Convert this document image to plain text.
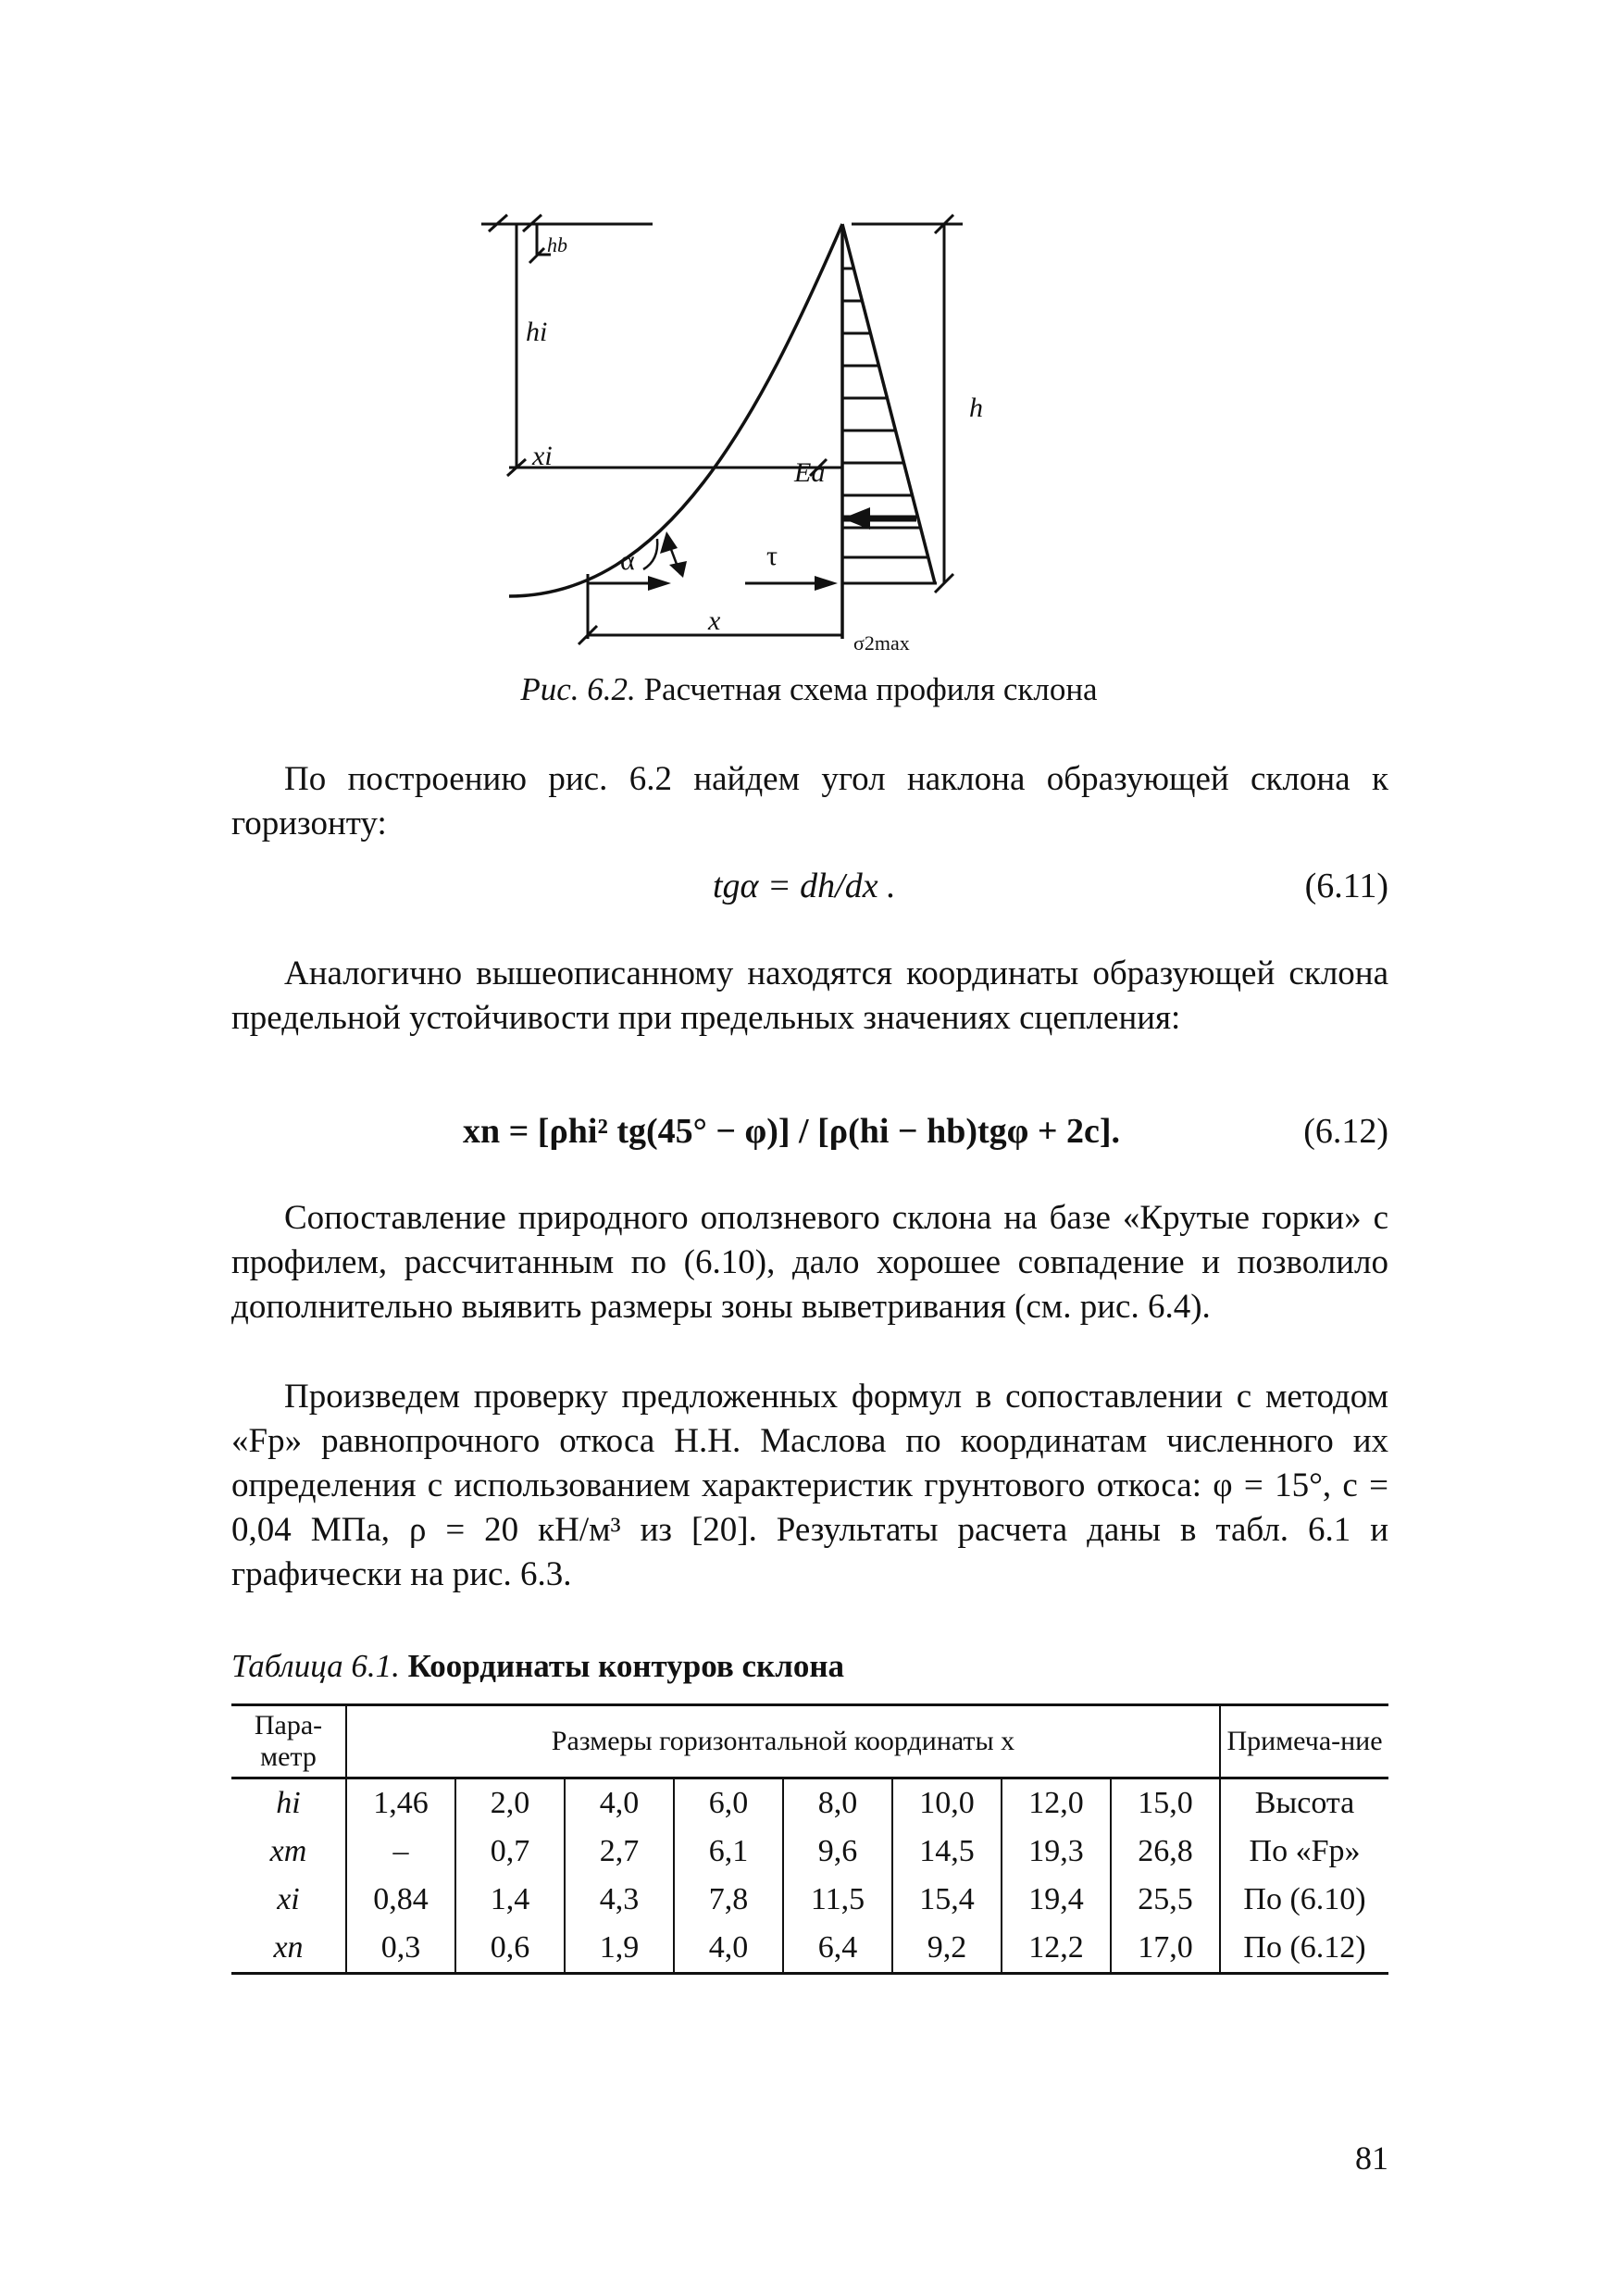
hb
hi
xi
h
Ea
α	τ
x
σ2max
Рис. 6.2. Расчетная схема профиля склона

По построению рис. 6.2 найдем угол наклона образующей склона к горизонту:

tgα = dh/dx .	(6.11)

Аналогично вышеописанному находятся координаты образующей склона предельной устойчивости при предельных значениях сцепления:

xn = [ρhi² tg(45° − φ)] / [ρ(hi − hb)tgφ + 2c].	(6.12)

Сопоставление природного оползневого склона на базе «Крутые горки» с профилем, рассчитанным по (6.10), дало хорошее совпадение и позволило дополнительно выявить размеры зоны выветривания (см. рис. 6.4).

Произведем проверку предложенных формул в сопоставлении с методом «Fp» равнопрочного откоса Н.Н. Маслова по координатам численного их определения с использованием характеристик грунтового откоса: φ = 15°, c = 0,04 МПа, ρ = 20 кН/м³ из [20]. Результаты расчета даны в табл. 6.1 и графически на рис. 6.3.

Таблица 6.1. Координаты контуров склона
Пара-метр	Размеры горизонтальной координаты x								Примеча-ние
hi	1,46	2,0	4,0	6,0	8,0	10,0	12,0	15,0	Высота
xm	–	0,7	2,7	6,1	9,6	14,5	19,3	26,8	По «Fp»
xi	0,84	1,4	4,3	7,8	11,5	15,4	19,4	25,5	По (6.10)
xn	0,3	0,6	1,9	4,0	6,4	9,2	12,2	17,0	По (6.12)
81
